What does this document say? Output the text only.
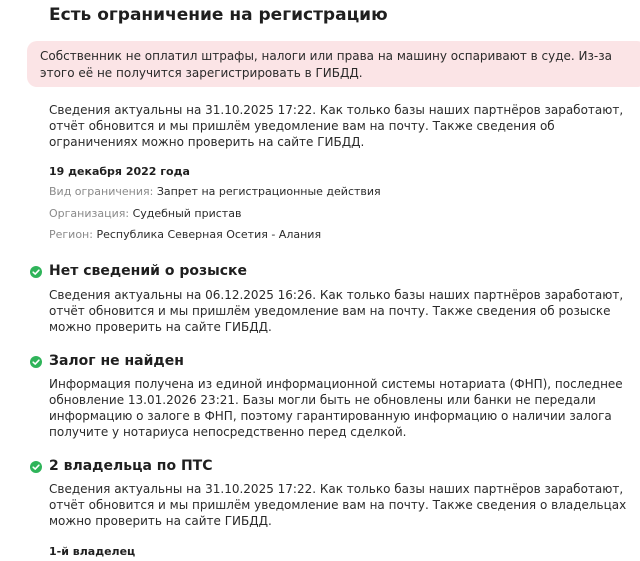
Есть ограничение на регистрацию
Собственник не оплатил штрафы, налоги или права на машину оспаривают в суде. Из-за этого её не получится зарегистрировать в ГИБДД.
Сведения актуальны на 31.10.2025 17:22. Как только базы наших партнёров заработают, отчёт обновится и мы пришлём уведомление вам на почту. Также сведения об ограничениях можно проверить на сайте ГИБДД.
19 декабря 2022 года
Вид ограничения: Запрет на регистрационные действия
Организация: Судебный пристав
Регион: Республика Северная Осетия - Алания
Нет сведений о розыске
Сведения актуальны на 06.12.2025 16:26. Как только базы наших партнёров заработают, отчёт обновится и мы пришлём уведомление вам на почту. Также сведения об розыске можно проверить на сайте ГИБДД.
Залог не найден
Информация получена из единой информационной системы нотариата (ФНП), последнее обновление 13.01.2026 23:21. Базы могли быть не обновлены или банки не передали информацию о залоге в ФНП, поэтому гарантированную информацию о наличии залога получите у нотариуса непосредственно перед сделкой.
2 владельца по ПТС
Сведения актуальны на 31.10.2025 17:22. Как только базы наших партнёров заработают, отчёт обновится и мы пришлём уведомление вам на почту. Также сведения о владельцах можно проверить на сайте ГИБДД.
1-й владелец
